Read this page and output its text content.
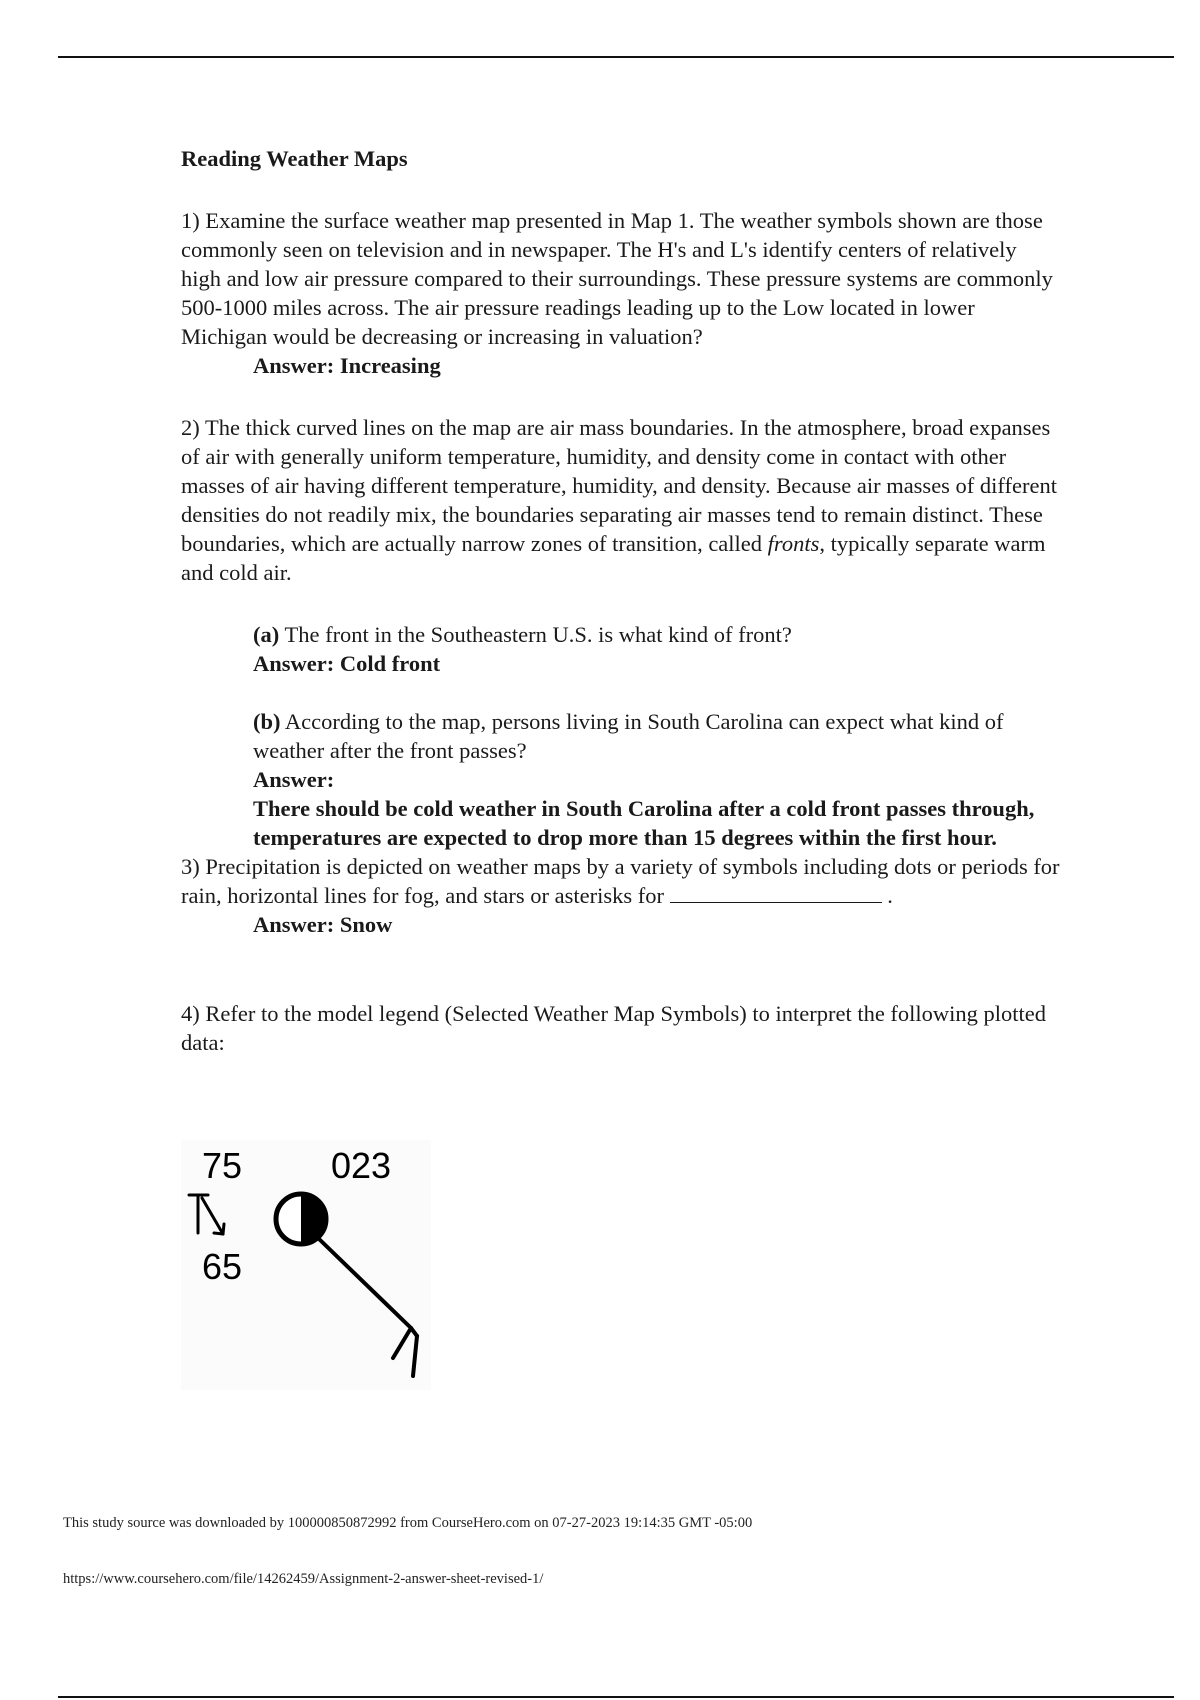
Reading Weather Maps

1) Examine the surface weather map presented in Map 1. The weather symbols shown are those commonly seen on television and in newspaper. The H's and L's identify centers of relatively high and low air pressure compared to their surroundings. These pressure systems are commonly 500-1000 miles across. The air pressure readings leading up to the Low located in lower Michigan would be decreasing or increasing in valuation?

Answer: Increasing

2) The thick curved lines on the map are air mass boundaries. In the atmosphere, broad expanses of air with generally uniform temperature, humidity, and density come in contact with other masses of air having different temperature, humidity, and density. Because air masses of different densities do not readily mix, the boundaries separating air masses tend to remain distinct. These boundaries, which are actually narrow zones of transition, called fronts, typically separate warm and cold air.

(a) The front in the Southeastern U.S. is what kind of front?

Answer: Cold front

(b) According to the map, persons living in South Carolina can expect what kind of weather after the front passes?

Answer:

There should be cold weather in South Carolina after a cold front passes through, temperatures are expected to drop more than 15 degrees within the first hour.

3) Precipitation is depicted on weather maps by a variety of symbols including dots or periods for rain, horizontal lines for fog, and stars or asterisks for	.

Answer: Snow

4) Refer to the model legend (Selected Weather Map Symbols) to interpret the following plotted data:

75 023
65
This study source was downloaded by 100000850872992 from CourseHero.com on 07-27-2023 19:14:35 GMT -05:00
https://www.coursehero.com/file/14262459/Assignment-2-answer-sheet-revised-1/
